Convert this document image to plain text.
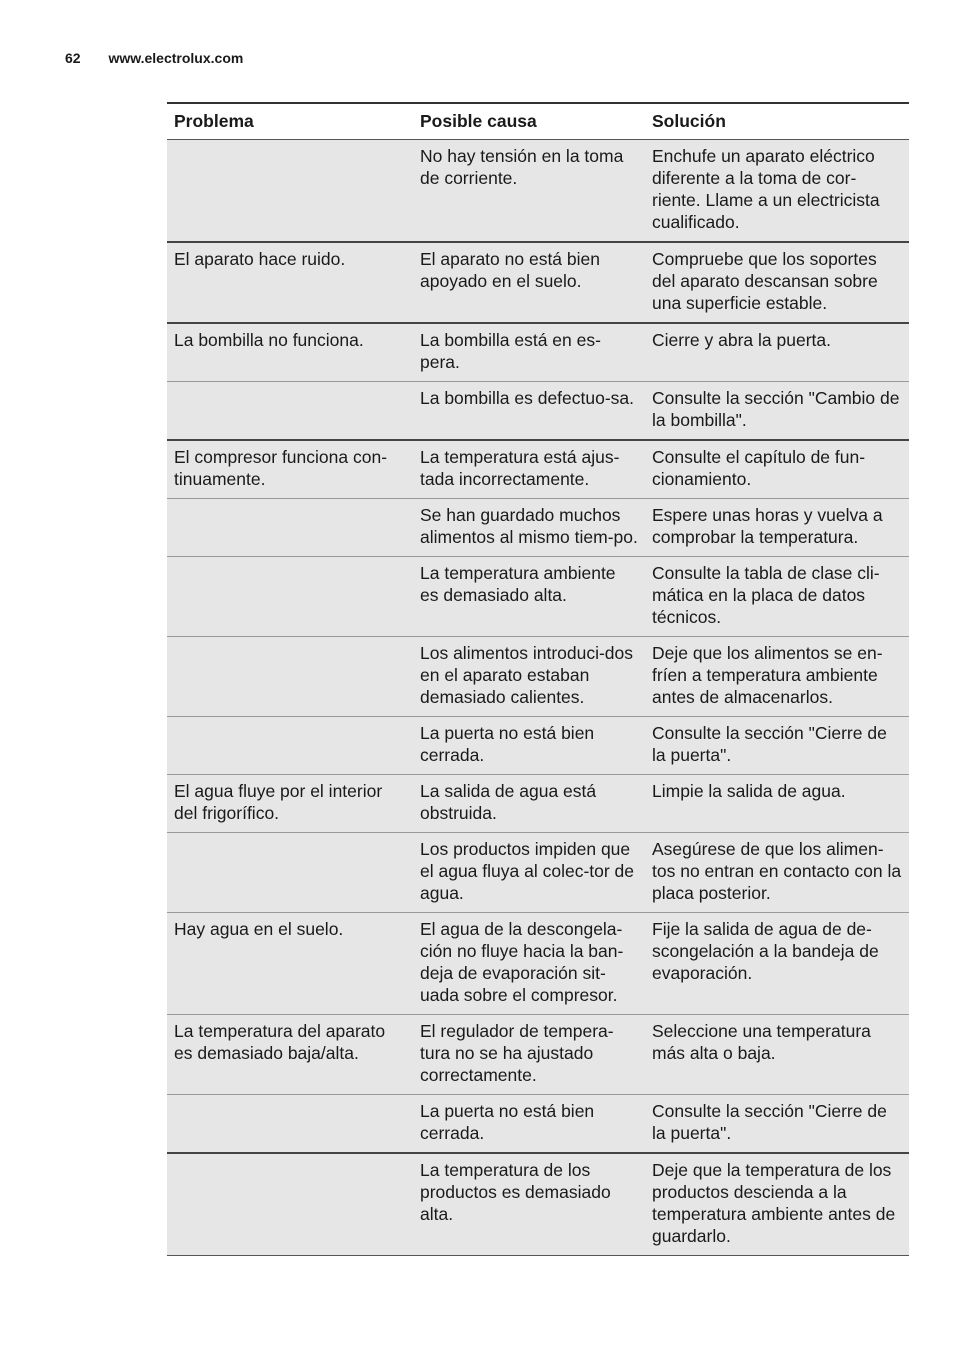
62 www.electrolux.com
Problema	Posible causa	Solución
	No hay tensión en la toma de corriente.	Enchufe un aparato eléctrico diferente a la toma de cor-riente. Llame a un electricista cualificado.
El aparato hace ruido.	El aparato no está bien apoyado en el suelo.	Compruebe que los soportes del aparato descansan sobre una superficie estable.
La bombilla no funciona.	La bombilla está en es-pera.	Cierre y abra la puerta.
	La bombilla es defectuo-sa.	Consulte la sección "Cambio de la bombilla".
El compresor funciona con-tinuamente.	La temperatura está ajus-tada incorrectamente.	Consulte el capítulo de fun-cionamiento.
	Se han guardado muchos alimentos al mismo tiem-po.	Espere unas horas y vuelva a comprobar la temperatura.
	La temperatura ambiente es demasiado alta.	Consulte la tabla de clase cli-mática en la placa de datos técnicos.
	Los alimentos introduci-dos en el aparato estaban demasiado calientes.	Deje que los alimentos se en-fríen a temperatura ambiente antes de almacenarlos.
	La puerta no está bien cerrada.	Consulte la sección "Cierre de la puerta".
El agua fluye por el interior del frigorífico.	La salida de agua está obstruida.	Limpie la salida de agua.
	Los productos impiden que el agua fluya al colec-tor de agua.	Asegúrese de que los alimen-tos no entran en contacto con la placa posterior.
Hay agua en el suelo.	El agua de la descongela-ción no fluye hacia la ban-deja de evaporación sit-uada sobre el compresor.	Fije la salida de agua de de-scongelación a la bandeja de evaporación.
La temperatura del aparato es demasiado baja/alta.	El regulador de tempera-tura no se ha ajustado correctamente.	Seleccione una temperatura más alta o baja.
	La puerta no está bien cerrada.	Consulte la sección "Cierre de la puerta".
	La temperatura de los productos es demasiado alta.	Deje que la temperatura de los productos descienda a la temperatura ambiente antes de guardarlo.
